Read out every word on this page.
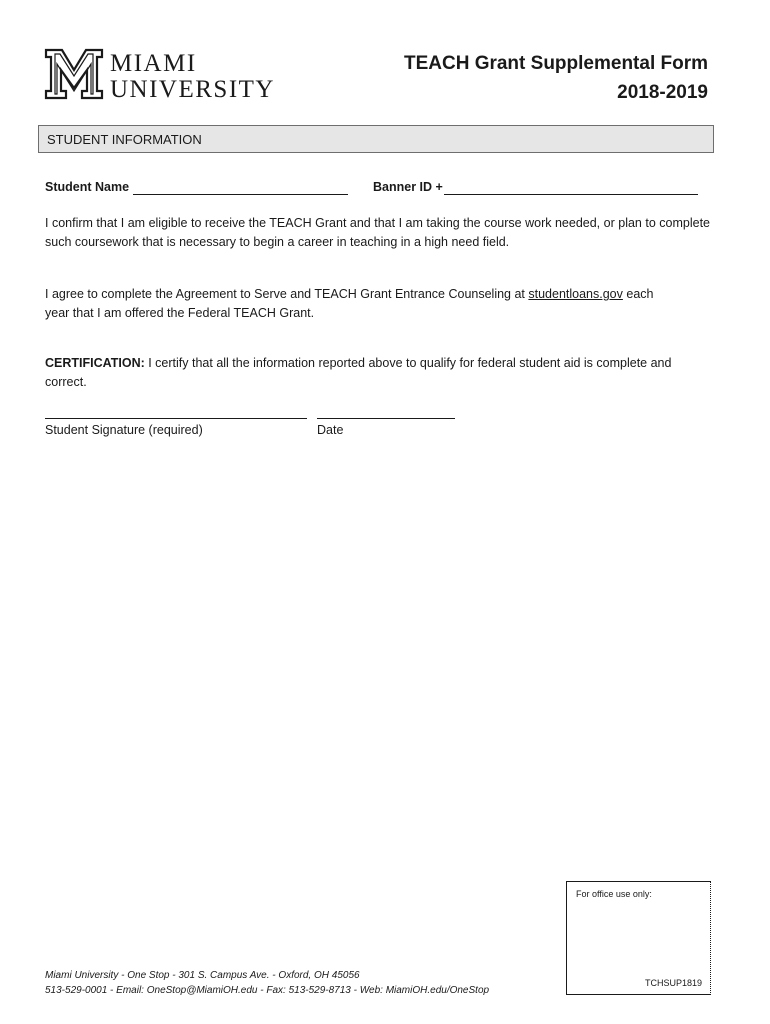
MIAMI
UNIVERSITY
TEACH Grant Supplemental Form
2018-2019
STUDENT INFORMATION
Student Name	Banner ID +
I confirm that I am eligible to receive the TEACH Grant and that I am taking the course work needed, or plan to complete such coursework that is necessary to begin a career in teaching in a high need field.
I agree to complete the Agreement to Serve and TEACH Grant Entrance Counseling at studentloans.gov each year that I am offered the Federal TEACH Grant.
CERTIFICATION: I certify that all the information reported above to qualify for federal student aid is complete and correct.
Student Signature (required)	Date
Miami University - One Stop - 301 S. Campus Ave. - Oxford, OH 45056
513-529-0001 - Email: OneStop@MiamiOH.edu - Fax: 513-529-8713 - Web: MiamiOH.edu/OneStop
For office use only:
TCHSUP1819
